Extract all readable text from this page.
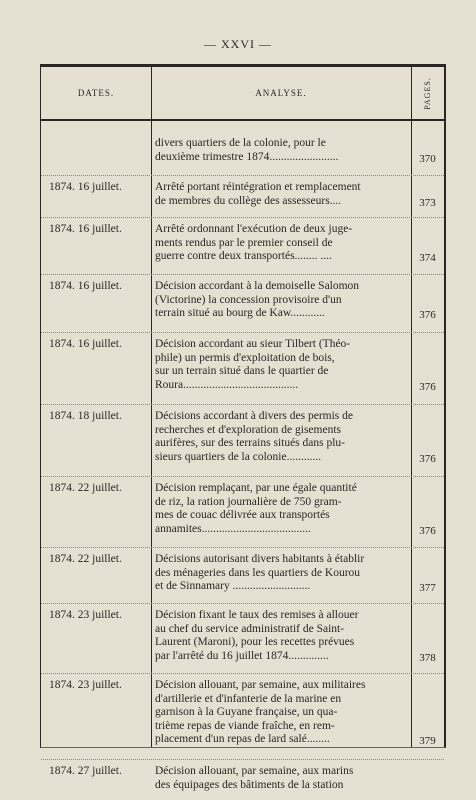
— XXVI —
DATES.	ANALYSE.	PAGES.
divers quartiers de la colonie, pour le
deuxième trimestre 1874........................	370
1874. 16 juillet.	Arrêté portant réintégration et remplacement
de membres du collège des assesseurs....	373
1874. 16 juillet.	Arrêté ordonnant l'exécution de deux juge-
ments rendus par le premier conseil de
guerre contre deux transportés........ ....	374
1874. 16 juillet.	Décision accordant à la demoiselle Salomon
(Victorine) la concession provisoire d'un
terrain situé au bourg de Kaw............	376
1874. 16 juillet.	Décision accordant au sieur Tilbert (Théo-
phile) un permis d'exploitation de bois,
sur un terrain situé dans le quartier de
Roura........................................	376
1874. 18 juillet.	Décisions accordant à divers des permis de
recherches et d'exploration de gisements
aurifères, sur des terrains situés dans plu-
sieurs quartiers de la colonie............	376
1874. 22 juillet.	Décision remplaçant, par une égale quantité
de riz, la ration journalière de 750 gram-
mes de couac délivrée aux transportés
annamites......................................	376
1874. 22 juillet.	Décisions autorisant divers habitants à établir
des ménageries dans les quartiers de Kourou
et de Sinnamary ...........................	377
1874. 23 juillet.	Décision fixant le taux des remises à allouer
au chef du service administratif de Saint-
Laurent (Maroni), pour les recettes prévues
par l'arrêté du 16 juillet 1874..............	378
1874. 23 juillet.	Décision allouant, par semaine, aux militaires
d'artillerie et d'infanterie de la marine en
garnison à la Guyane française, un qua-
trième repas de viande fraîche, en rem-
placement d'un repas de lard salé........	379
1874. 27 juillet.	Décision allouant, par semaine, aux marins
des équipages des bâtiments de la station
